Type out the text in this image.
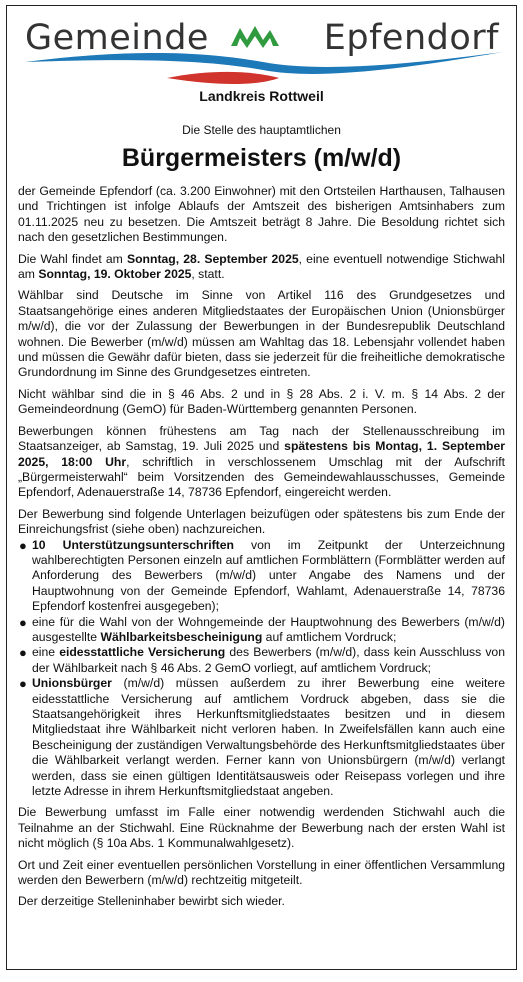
Gemeinde	Epfendorf
Landkreis Rottweil
Die Stelle des hauptamtlichen
Bürgermeisters (m/w/d)

der Gemeinde Epfendorf (ca. 3.200 Einwohner) mit den Ortsteilen Harthausen, Talhausen und Trichtingen ist infolge Ablaufs der Amtszeit des bisherigen Amtsinhabers zum 01.11.2025 neu zu besetzen. Die Amtszeit beträgt 8 Jahre. Die Besoldung richtet sich nach den gesetzlichen Bestimmungen.

Die Wahl findet am Sonntag, 28. September 2025, eine eventuell notwendige Stichwahl am Sonntag, 19. Oktober 2025, statt.

Wählbar sind Deutsche im Sinne von Artikel 116 des Grundgesetzes und Staatsangehörige eines anderen Mitgliedstaates der Europäischen Union (Unionsbürger m/w/d), die vor der Zulassung der Bewerbungen in der Bundesrepublik Deutschland wohnen. Die Bewerber (m/w/d) müssen am Wahltag das 18. Lebensjahr vollendet haben und müssen die Gewähr dafür bieten, dass sie jederzeit für die freiheitliche demokratische Grundordnung im Sinne des Grundgesetzes eintreten.

Nicht wählbar sind die in § 46 Abs. 2 und in § 28 Abs. 2 i. V. m. § 14 Abs. 2 der Gemeindeordnung (GemO) für Baden-Württemberg genannten Personen.

Bewerbungen können frühestens am Tag nach der Stellenausschreibung im Staatsanzeiger, ab Samstag, 19. Juli 2025 und spätestens bis Montag, 1. September 2025, 18:00 Uhr, schriftlich in verschlossenem Umschlag mit der Aufschrift „Bürgermeisterwahl“ beim Vorsitzenden des Gemeindewahlausschusses, Gemeinde Epfendorf, Adenauerstraße 14, 78736 Epfendorf, eingereicht werden.

Der Bewerbung sind folgende Unterlagen beizufügen oder spätestens bis zum Ende der Einreichungsfrist (siehe oben) nachzureichen.

● 10 Unterstützungsunterschriften von im Zeitpunkt der Unterzeichnung wahlberechtigten Personen einzeln auf amtlichen Formblättern (Formblätter werden auf Anforderung des Bewerbers (m/w/d) unter Angabe des Namens und der Hauptwohnung von der Gemeinde Epfendorf, Wahlamt, Adenauerstraße 14, 78736 Epfendorf kostenfrei ausgegeben);
● eine für die Wahl von der Wohngemeinde der Hauptwohnung des Bewerbers (m/w/d) ausgestellte Wählbarkeitsbescheinigung auf amtlichem Vordruck;
● eine eidesstattliche Versicherung des Bewerbers (m/w/d), dass kein Ausschluss von der Wählbarkeit nach § 46 Abs. 2 GemO vorliegt, auf amtlichem Vordruck;
● Unionsbürger (m/w/d) müssen außerdem zu ihrer Bewerbung eine weitere eidesstattliche Versicherung auf amtlichem Vordruck abgeben, dass sie die Staatsangehörigkeit ihres Herkunftsmitgliedstaates besitzen und in diesem Mitgliedstaat ihre Wählbarkeit nicht verloren haben. In Zweifelsfällen kann auch eine Bescheinigung der zuständigen Verwaltungsbehörde des Herkunftsmitgliedstaates über die Wählbarkeit verlangt werden. Ferner kann von Unionsbürgern (m/w/d) verlangt werden, dass sie einen gültigen Identitätsausweis oder Reisepass vorlegen und ihre letzte Adresse in ihrem Herkunftsmitgliedstaat angeben.

Die Bewerbung umfasst im Falle einer notwendig werdenden Stichwahl auch die Teilnahme an der Stichwahl. Eine Rücknahme der Bewerbung nach der ersten Wahl ist nicht möglich (§ 10a Abs. 1 Kommunalwahlgesetz).

Ort und Zeit einer eventuellen persönlichen Vorstellung in einer öffentlichen Versammlung werden den Bewerbern (m/w/d) rechtzeitig mitgeteilt.

Der derzeitige Stelleninhaber bewirbt sich wieder.
